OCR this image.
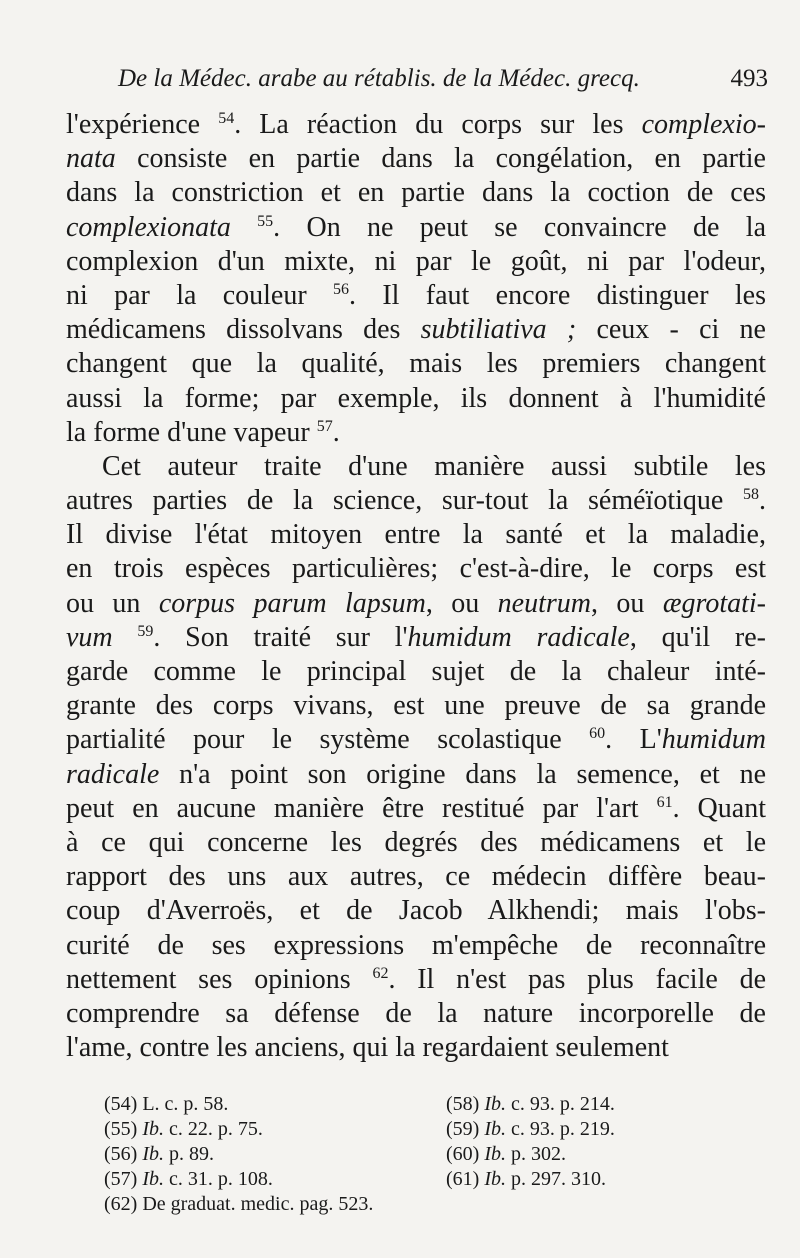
De la Médec. arabe au rétablis. de la Médec. grecq.	493
l'expérience $^{54}$. La réaction du corps sur les complexio-
nata consiste en partie dans la congélation, en partie
dans la constriction et en partie dans la coction de ces
complexionata $^{55}$. On ne peut se convaincre de la
complexion d'un mixte, ni par le goût, ni par l'odeur,
ni par la couleur $^{56}$. Il faut encore distinguer les
médicamens dissolvans des subtiliativa ; ceux - ci ne
changent que la qualité, mais les premiers changent
aussi la forme; par exemple, ils donnent à l'humidité
la forme d'une vapeur $^{57}$.
Cet auteur traite d'une manière aussi subtile les
autres parties de la science, sur-tout la séméïotique $^{58}$.
Il divise l'état mitoyen entre la santé et la maladie,
en trois espèces particulières; c'est-à-dire, le corps est
ou un corpus parum lapsum, ou neutrum, ou ægrotati-
vum $^{59}$. Son traité sur l'humidum radicale, qu'il re-
garde comme le principal sujet de la chaleur inté-
grante des corps vivans, est une preuve de sa grande
partialité pour le système scolastique $^{60}$. L'humidum
radicale n'a point son origine dans la semence, et ne
peut en aucune manière être restitué par l'art $^{61}$. Quant
à ce qui concerne les degrés des médicamens et le
rapport des uns aux autres, ce médecin diffère beau-
coup d'Averroës, et de Jacob Alkhendi; mais l'obs-
curité de ses expressions m'empêche de reconnaître
nettement ses opinions $^{62}$. Il n'est pas plus facile de
comprendre sa défense de la nature incorporelle de
l'ame, contre les anciens, qui la regardaient seulement
(54) L. c. p. 58.	(58) Ib. c. 93. p. 214.
(55) Ib. c. 22. p. 75.	(59) Ib. c. 93. p. 219.
(56) Ib. p. 89.	(60) Ib. p. 302.
(57) Ib. c. 31. p. 108.	(61) Ib. p. 297. 310.
(62) De graduat. medic. pag. 523.
